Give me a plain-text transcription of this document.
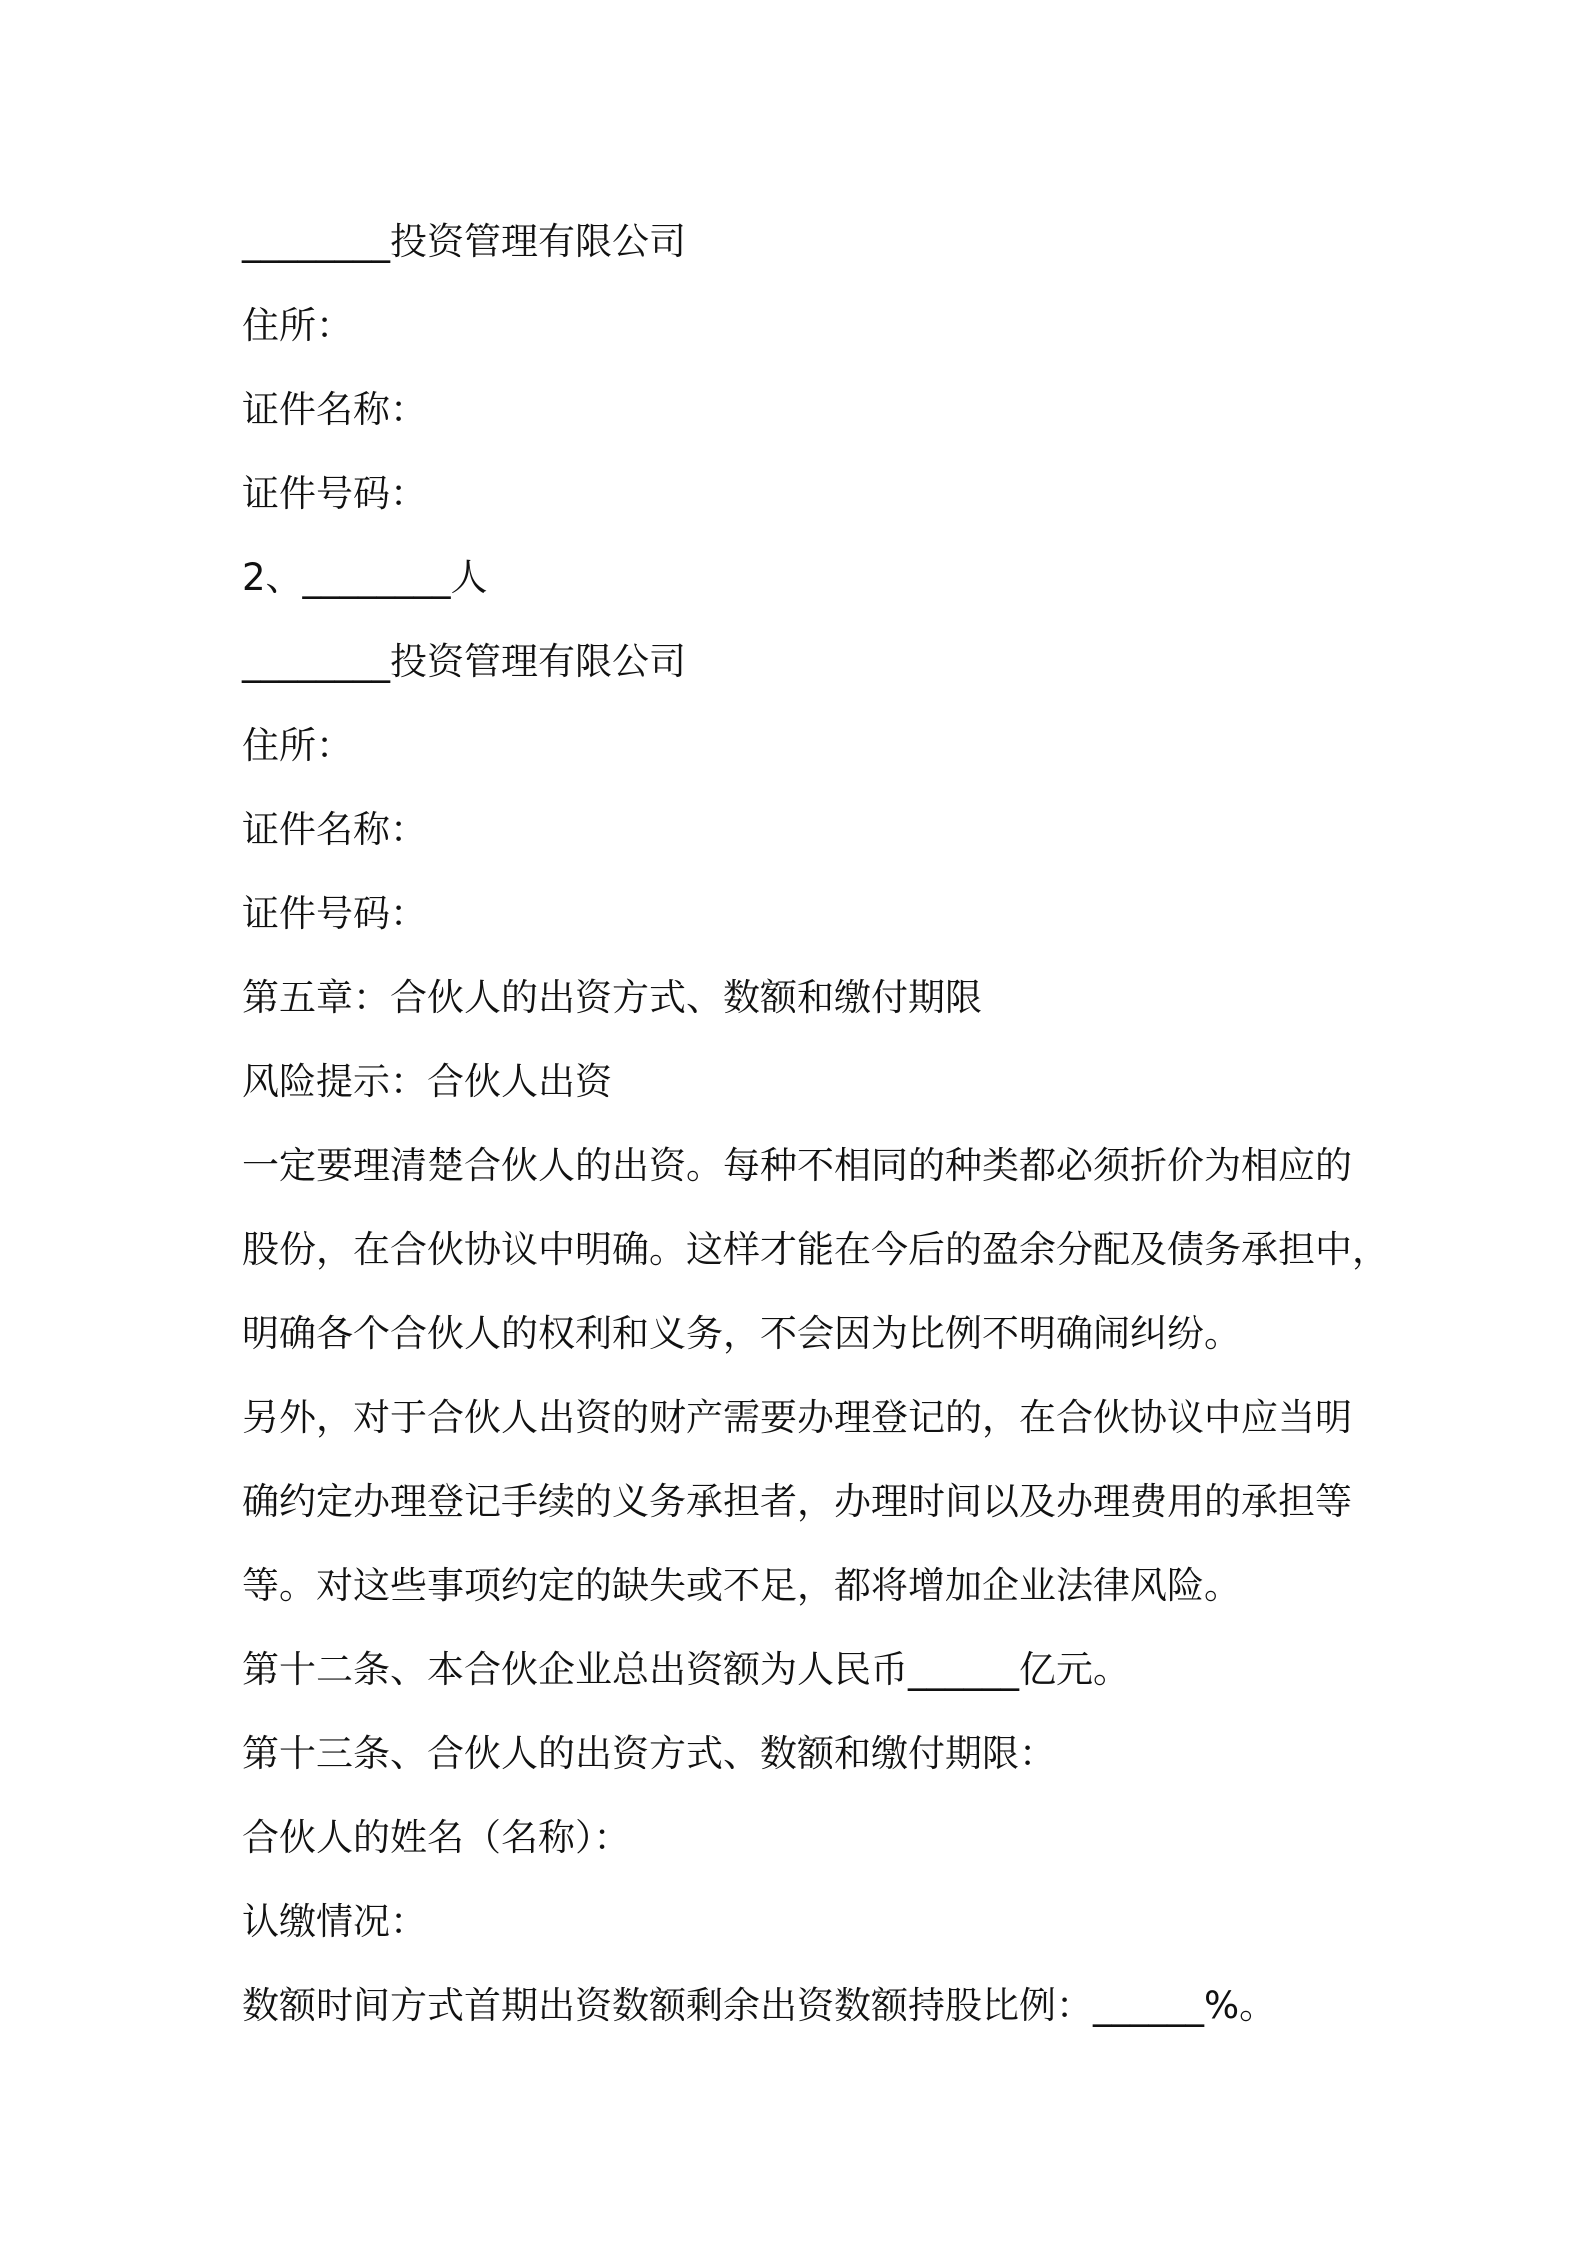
________投资管理有限公司

住所：

证件名称：

证件号码：

2、________人

________投资管理有限公司

住所：

证件名称：

证件号码：

第五章：合伙人的出资方式、数额和缴付期限

风险提示：合伙人出资

一定要理清楚合伙人的出资。每种不相同的种类都必须折价为相应的

股份，在合伙协议中明确。这样才能在今后的盈余分配及债务承担中，

明确各个合伙人的权利和义务，不会因为比例不明确闹纠纷。

另外，对于合伙人出资的财产需要办理登记的，在合伙协议中应当明

确约定办理登记手续的义务承担者，办理时间以及办理费用的承担等

等。对这些事项约定的缺失或不足，都将增加企业法律风险。

第十二条、本合伙企业总出资额为人民币______亿元。

第十三条、合伙人的出资方式、数额和缴付期限：

合伙人的姓名（名称）：

认缴情况：

数额时间方式首期出资数额剩余出资数额持股比例：______%。
